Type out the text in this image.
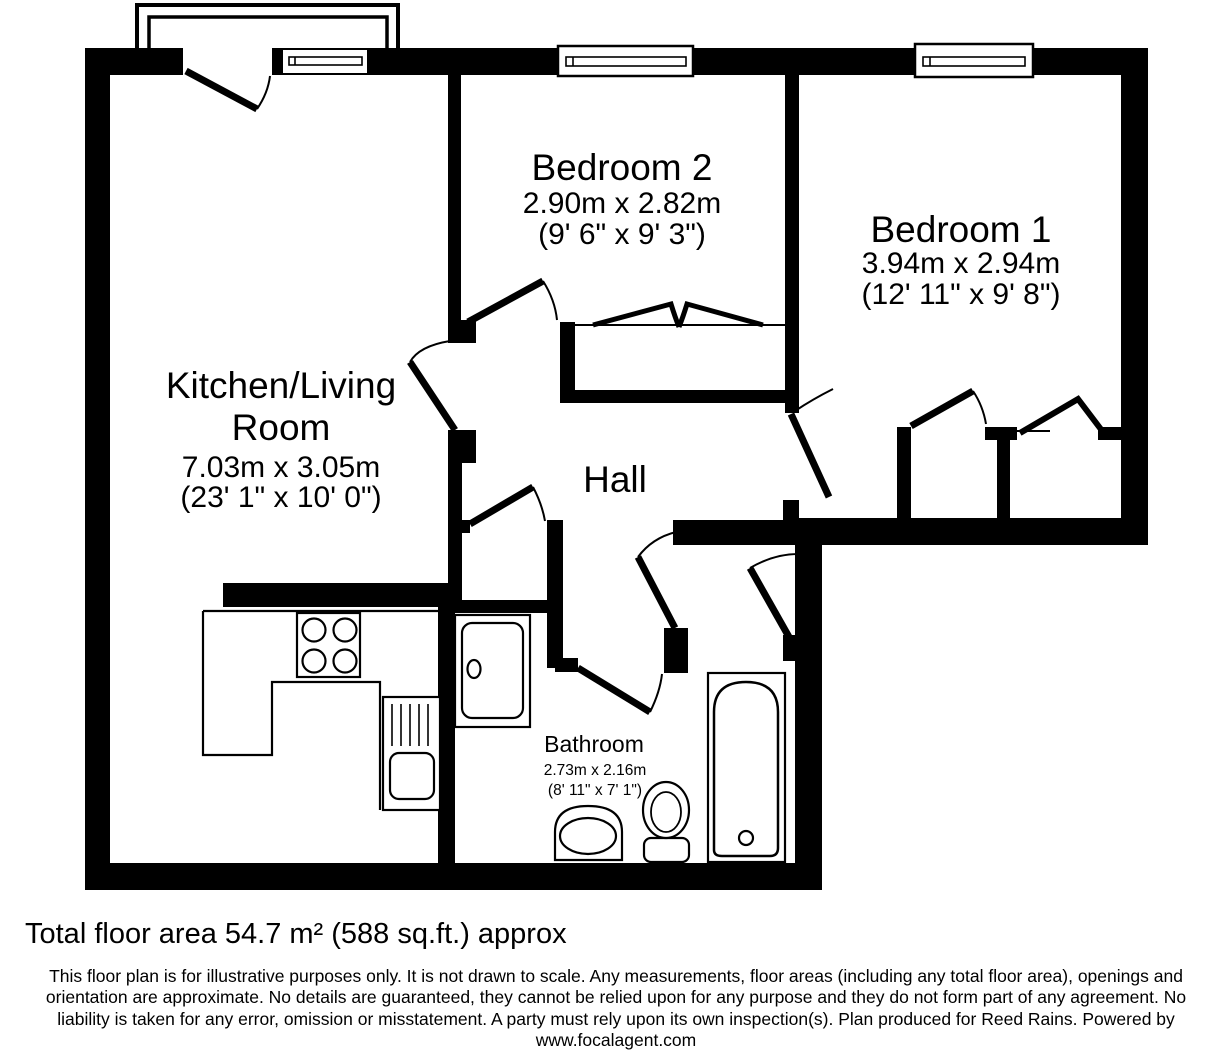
Bedroom 2
2.90m x 2.82m
(9' 6" x 9' 3")	Bedroom 1
3.94m x 2.94m
(12' 11" x 9' 8")
Kitchen/Living
Room
7.03m x 3.05m
(23' 1" x 10' 0")	Hall
Bathroom
2.73m x 2.16m
(8' 11" x 7' 1")
Total floor area 54.7 m² (588 sq.ft.) approx
This floor plan is for illustrative purposes only. It is not drawn to scale. Any measurements, floor areas (including any total floor area), openings and
orientation are approximate. No details are guaranteed, they cannot be relied upon for any purpose and they do not form part of any agreement. No
liability is taken for any error, omission or misstatement. A party must rely upon its own inspection(s). Plan produced for Reed Rains. Powered by
www.focalagent.com
